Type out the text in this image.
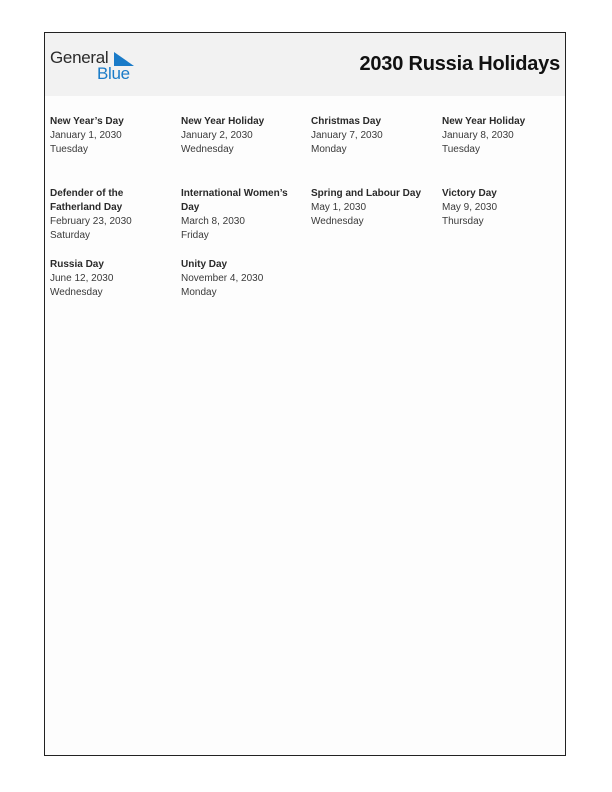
General
Blue	2030 Russia Holidays
New Year’s Day
January 1, 2030
Tuesday
New Year Holiday
January 2, 2030
Wednesday
Christmas Day
January 7, 2030
Monday
New Year Holiday
January 8, 2030
Tuesday
Defender of the Fatherland Day
February 23, 2030
Saturday
International Women’s Day
March 8, 2030
Friday
Spring and Labour Day
May 1, 2030
Wednesday
Victory Day
May 9, 2030
Thursday
Russia Day
June 12, 2030
Wednesday
Unity Day
November 4, 2030
Monday
